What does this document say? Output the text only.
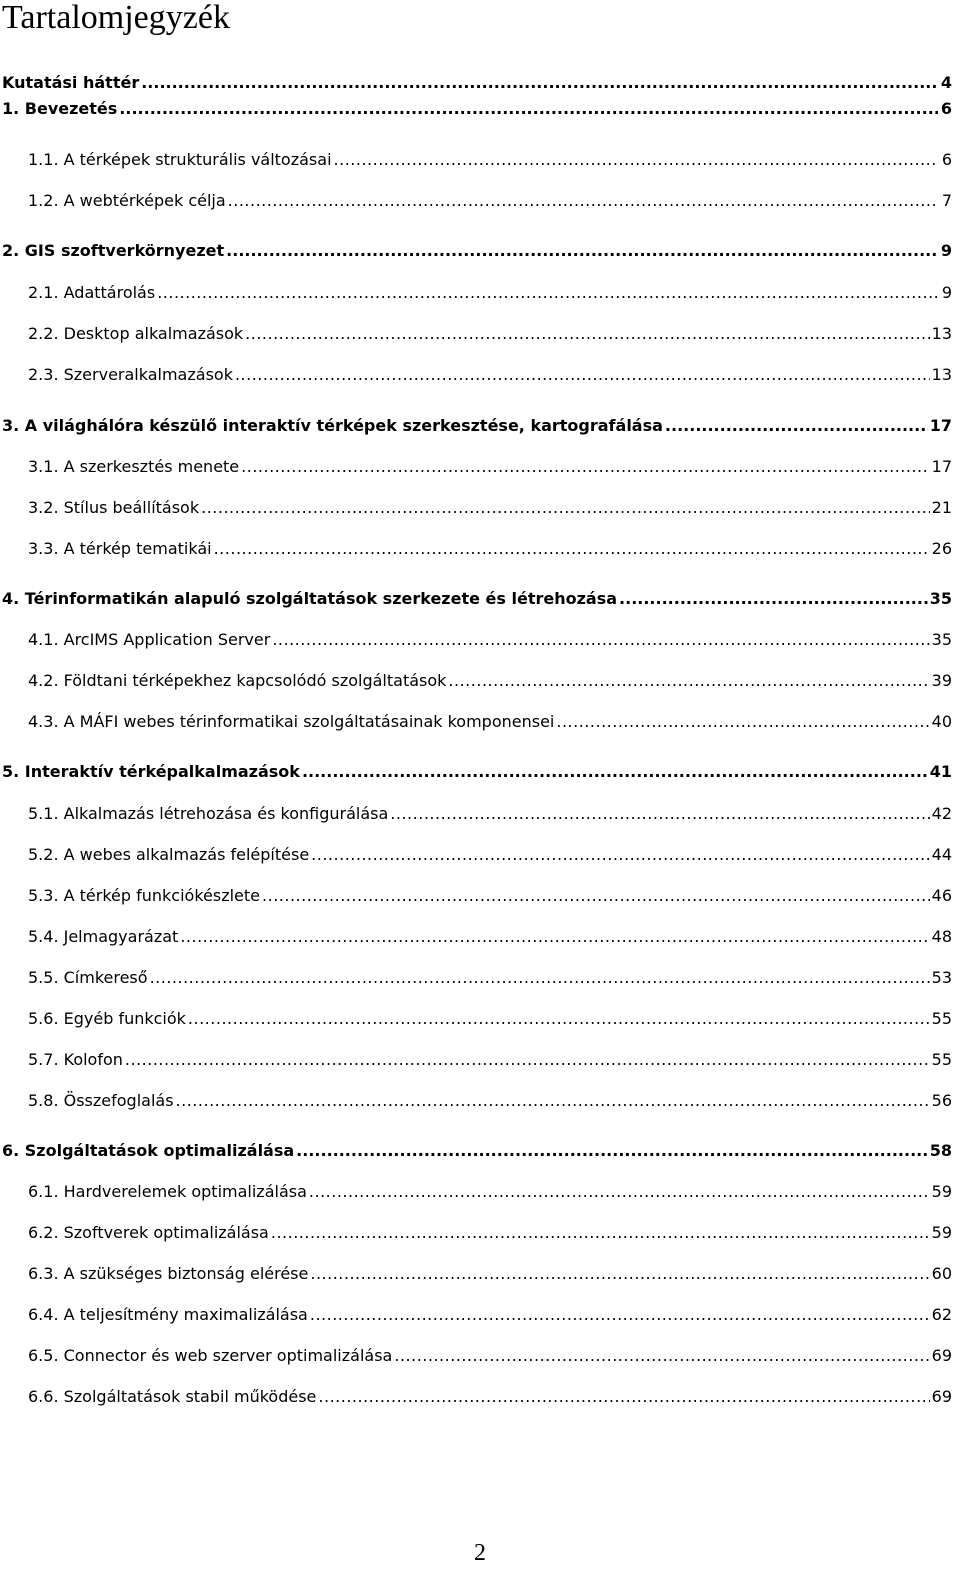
Tartalomjegyzék
Kutatási háttér .....	4
1. Bevezetés .....	6
1.1. A térképek strukturális változásai .....	6
1.2. A webtérképek célja .....	7
2. GIS szoftverkörnyezet .....	9
2.1. Adattárolás .....	9
2.2. Desktop alkalmazások .....	13
2.3. Szerveralkalmazások .....	13
3. A világhálóra készülő interaktív térképek szerkesztése, kartografálása .....	17
3.1. A szerkesztés menete .....	17
3.2. Stílus beállítások .....	21
3.3. A térkép tematikái .....	26
4. Térinformatikán alapuló szolgáltatások szerkezete és létrehozása .....	35
4.1. ArcIMS Application Server .....	35
4.2. Földtani térképekhez kapcsolódó szolgáltatások .....	39
4.3. A MÁFI webes térinformatikai szolgáltatásainak komponensei .....	40
5. Interaktív térképalkalmazások .....	41
5.1. Alkalmazás létrehozása és konfigurálása .....	42
5.2. A webes alkalmazás felépítése .....	44
5.3. A térkép funkciókészlete .....	46
5.4. Jelmagyarázat .....	48
5.5. Címkereső .....	53
5.6. Egyéb funkciók .....	55
5.7. Kolofon .....	55
5.8. Összefoglalás .....	56
6. Szolgáltatások optimalizálása .....	58
6.1. Hardverelemek optimalizálása .....	59
6.2. Szoftverek optimalizálása .....	59
6.3. A szükséges biztonság elérése .....	60
6.4. A teljesítmény maximalizálása .....	62
6.5. Connector és web szerver optimalizálása .....	69
6.6. Szolgáltatások stabil működése .....	69
2
